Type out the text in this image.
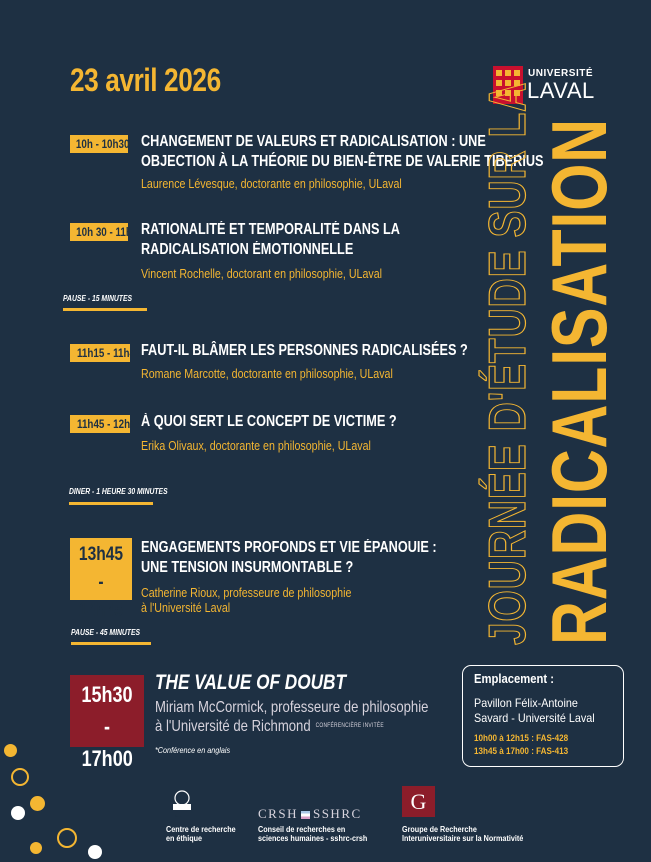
23 avril 2026	UNIVERSITÉ
LAVAL
10h - 10h30 CHANGEMENT DE VALEURS ET RADICALISATION : UNE
OBJECTION À LA THÉORIE DU BIEN-ÊTRE DE VALERIE TIBERIUS
Laurence Lévesque, doctorante en philosophie, ULaval
10h 30 - 11h RATIONALITÉ ET TEMPORALITÉ DANS LA
RADICALISATION ÉMOTIONNELLE
Vincent Rochelle, doctorant en philosophie, ULaval
PAUSE - 15 MINUTES
11h15 - 11h45 FAUT-IL BLÂMER LES PERSONNES RADICALISÉES ?
Romane Marcotte, doctorante en philosophie, ULaval
11h45 - 12h15 À QUOI SERT LE CONCEPT DE VICTIME ?
Erika Olivaux, doctorante en philosophie, ULaval
DINER - 1 HEURE 30 MINUTES
13h45 -
14h45
ENGAGEMENTS PROFONDS ET VIE ÉPANOUIE :
UNE TENSION INSURMONTABLE ?
Catherine Rioux, professeure de philosophie
à l'Université Laval
PAUSE - 45 MINUTES
15h30 -
17h00
THE VALUE OF DOUBT
Miriam McCormick, professeure de philosophie
à l'Université de Richmond CONFÉRENCIÈRE INVITÉE
*Conférence en anglais
JOURNÉE D'ÉTUDE SUR LA
RADICALISATION
Emplacement :
Pavillon Félix-Antoine
Savard - Université Laval
10h00 à 12h15 : FAS-428
13h45 à 17h00 : FAS-413
CRE
Centre de recherche
en éthique
CRSH SSHRC
Conseil de recherches en
sciences humaines - sshrc-crsh
G
Groupe de Recherche
Interuniversitaire sur la Normativité
